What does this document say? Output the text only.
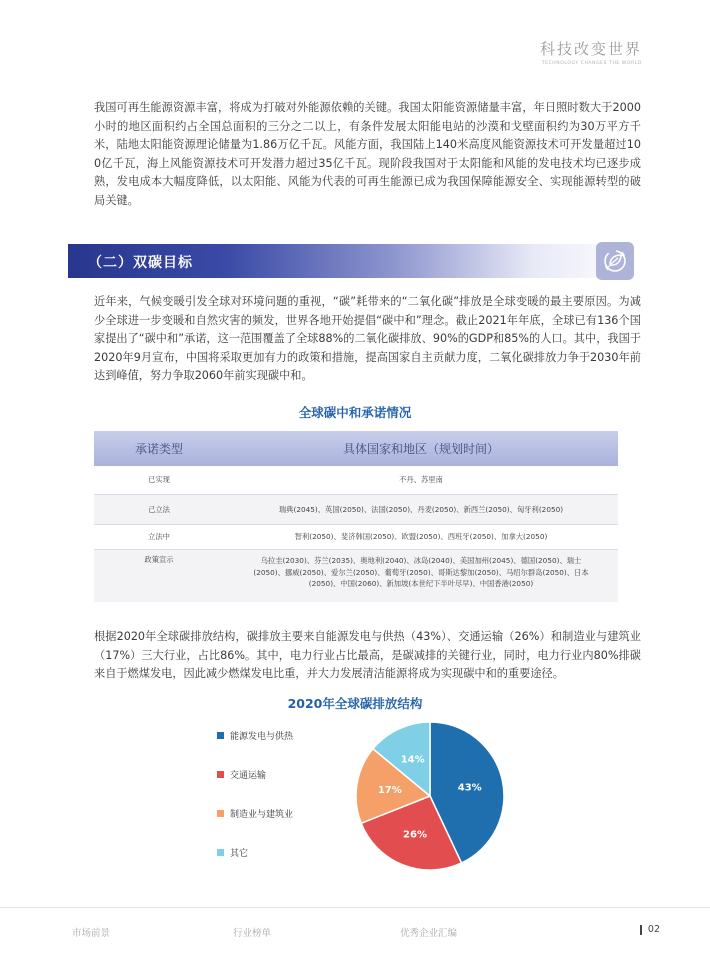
科技改变世界
TECHNOLOGY CHANGES THE WORLD

我国可再生能源资源丰富，将成为打破对外能源依赖的关键。我国太阳能资源储量丰富，年日照时数大于2000小时的地区面积约占全国总面积的三分之二以上，有条件发展太阳能电站的沙漠和戈壁面积约为30万平方千米，陆地太阳能资源理论储量为1.86万亿千瓦。风能方面，我国陆上140米高度风能资源技术可开发量超过100亿千瓦，海上风能资源技术可开发潜力超过35亿千瓦。现阶段我国对于太阳能和风能的发电技术均已逐步成熟，发电成本大幅度降低，以太阳能、风能为代表的可再生能源已成为我国保障能源安全、实现能源转型的破局关键。

（二）双碳目标

近年来，气候变暖引发全球对环境问题的重视，“碳”耗带来的“二氧化碳”排放是全球变暖的最主要原因。为减少全球进一步变暖和自然灾害的频发，世界各地开始提倡“碳中和”理念。截止2021年年底，全球已有136个国家提出了“碳中和”承诺，这一范围覆盖了全球88%的二氧化碳排放、90%的GDP和85%的人口。其中，我国于2020年9月宣布，中国将采取更加有力的政策和措施，提高国家自主贡献力度，二氧化碳排放力争于2030年前达到峰值，努力争取2060年前实现碳中和。

全球碳中和承诺情况
承诺类型	具体国家和地区（规划时间）
已实现	不丹、苏里南
己立法	瑞典(2045)、英国(2050)、法国(2050)、丹麦(2050)、新西兰(2050)、匈牙利(2050)
立法中	智利(2050)、斐济韩国(2050)、欧盟(2050)、西班牙(2050)、加拿大(2050)
政策宣示	乌拉圭(2030)、芬兰(2035)、奥地利(2040)、冰岛(2040)、美国加州(2045)、德国(2050)、瑞士(2050)、挪威(2050)、爱尔兰(2050)、葡萄牙(2050)、哥斯达黎加(2050)、马绍尔群岛(2050)、日本(2050)、中国(2060)、新加坡(本世纪下半叶尽早)、中国香港(2050)

根据2020年全球碳排放结构，碳排放主要来自能源发电与供热（43%）、交通运输（26%）和制造业与建筑业（17%）三大行业，占比86%。其中，电力行业占比最高，是碳减排的关键行业，同时，电力行业内80%排碳来自于燃煤发电，因此减少燃煤发电比重，并大力发展清洁能源将成为实现碳中和的重要途径。

2020年全球碳排放结构
能源发电与供热
交通运输
制造业与建筑业
其它
43%
26%
17%
14%
市场前景	行业榜单	优秀企业汇编	02
